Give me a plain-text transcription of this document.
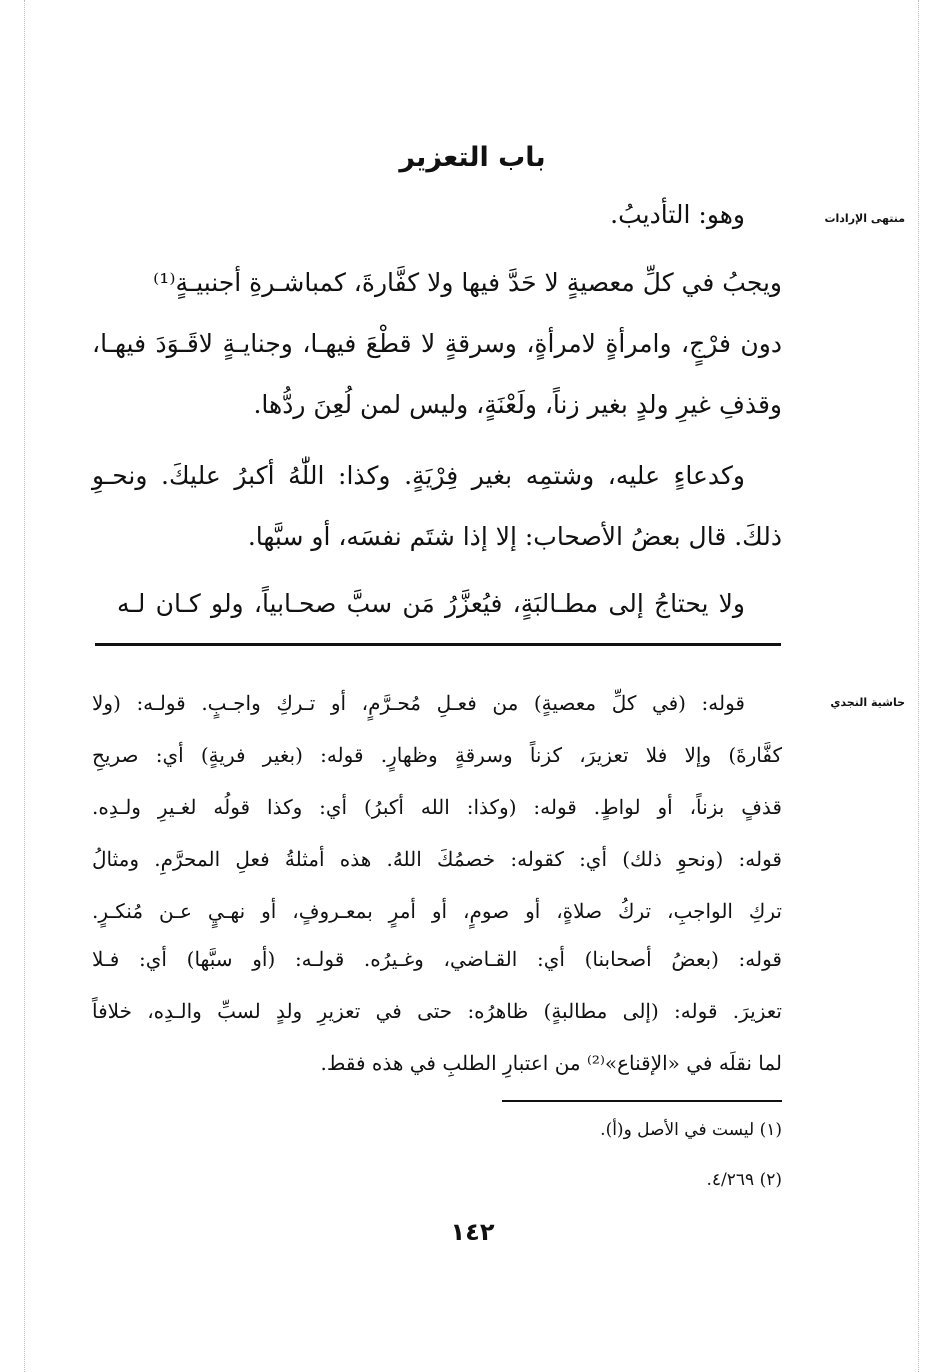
باب التعزير
منتهى الإرادات
وهو: التأديبُ.
ويجبُ في كلِّ معصيةٍ لا حَدَّ فيها ولا كفَّارةَ، كمباشـرةِ أجنبيـةٍ⁽¹⁾
دون فرْجٍ، وامرأةٍ لامرأةٍ، وسرقةٍ لا قطْعَ فيهـا، وجنايـةٍ لاقَـوَدَ فيهـا،
وقذفِ غيرِ ولدٍ بغير زناً، ولَعْنَةٍ، وليس لمن لُعِنَ ردُّها.
وكدعاءٍ عليه، وشتمِه بغير فِرْيَةٍ. وكذا: اللّٰهُ أكبرُ عليكَ. ونحـوِ
ذلكَ. قال بعضُ الأصحاب: إلا إذا شتَم نفسَه، أو سبَّها.
ولا يحتاجُ إلى مطـالبَةٍ، فيُعزَّرُ مَن سبَّ صحـابياً، ولو كـان لـه
حاشية النجدي
قوله: (في كلِّ معصيةٍ) من فعـلِ مُحـرَّمٍ، أو تـركِ واجـبٍ. قولـه: (ولا
كفَّارةَ) وإلا فلا تعزيرَ، كزناً وسرقةٍ وظهارٍ. قوله: (بغير فريةٍ) أي: صريحِ
قذفٍ بزناً، أو لواطٍ. قوله: (وكذا: الله أكبرُ) أي: وكذا قولُه لغـيرِ ولـدِه.
قوله: (ونحوِ ذلك) أي: كقوله: خصمُكَ اللهُ. هذه أمثلةُ فعلِ المحرَّمِ. ومثالُ
تركِ الواجبِ، تركُ صلاةٍ، أو صومٍ، أو أمرٍ بمعـروفٍ، أو نهـيٍ عـن مُنكـرٍ.
قوله: (بعضُ أصحابنا) أي: القـاضي، وغـيرُه. قولـه: (أو سبَّها) أي: فـلا
تعزيرَ. قوله: (إلى مطالبةٍ) ظاهرُه: حتى في تعزيرِ ولدٍ لسبِّ والـدِه، خلافاً
لما نقلَه في «الإقناع»⁽²⁾ من اعتبارِ الطلبِ في هذه فقط.
(١) ليست في الأصل و(أ).
(٢) ٤/٢٦٩.
١٤٢
